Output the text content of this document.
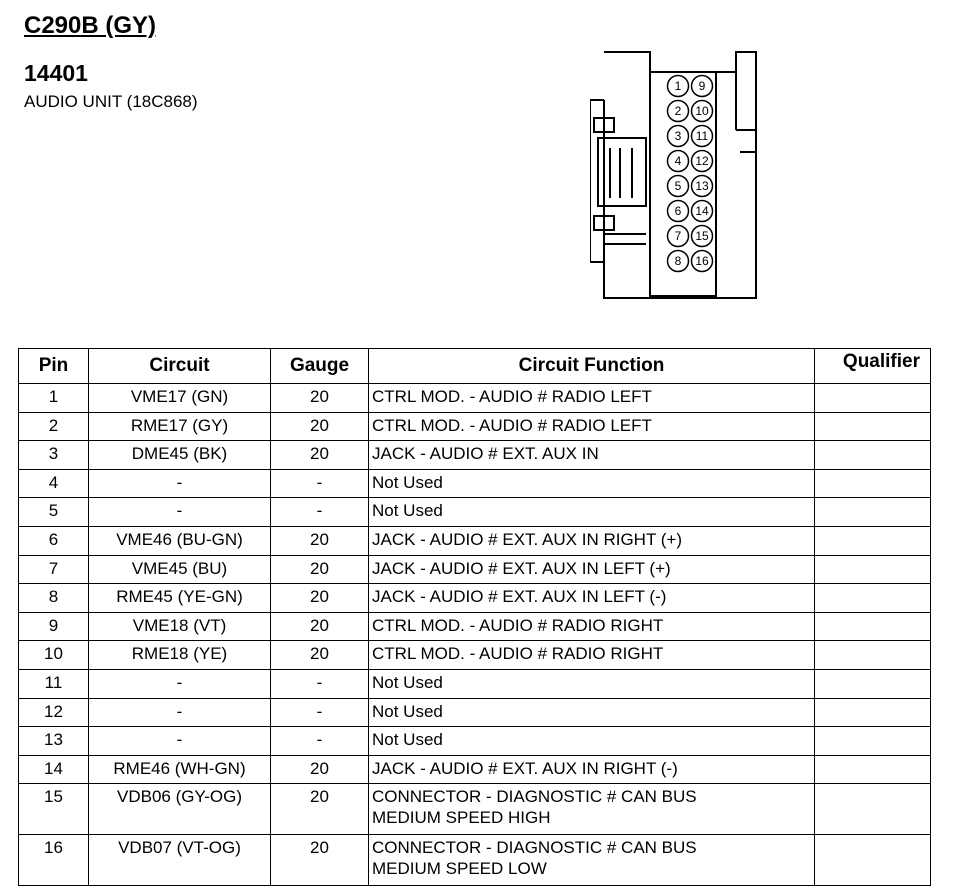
C290B (GY)
14401
AUDIO UNIT (18C868)
1
2
3
4
5
6
7
8
9
10
11
12
13
14
15
16
Pin	Circuit	Gauge	Circuit Function	Qualifier
1	VME17 (GN)	20	CTRL MOD. - AUDIO # RADIO LEFT	

2	RME17 (GY)	20	CTRL MOD. - AUDIO # RADIO LEFT	

3	DME45 (BK)	20	JACK - AUDIO # EXT. AUX IN	

4	-	-	Not Used	

5	-	-	Not Used	

6	VME46 (BU-GN)	20	JACK - AUDIO # EXT. AUX IN RIGHT (+)	

7	VME45 (BU)	20	JACK - AUDIO # EXT. AUX IN LEFT (+)	

8	RME45 (YE-GN)	20	JACK - AUDIO # EXT. AUX IN LEFT (-)	

9	VME18 (VT)	20	CTRL MOD. - AUDIO # RADIO RIGHT	

10	RME18 (YE)	20	CTRL MOD. - AUDIO # RADIO RIGHT	

11	-	-	Not Used	

12	-	-	Not Used	

13	-	-	Not Used	

14	RME46 (WH-GN)	20	JACK - AUDIO # EXT. AUX IN RIGHT (-)	

15	VDB06 (GY-OG)	20	CONNECTOR - DIAGNOSTIC # CAN BUS
MEDIUM SPEED HIGH	

16	VDB07 (VT-OG)	20	CONNECTOR - DIAGNOSTIC # CAN BUS
MEDIUM SPEED LOW	
